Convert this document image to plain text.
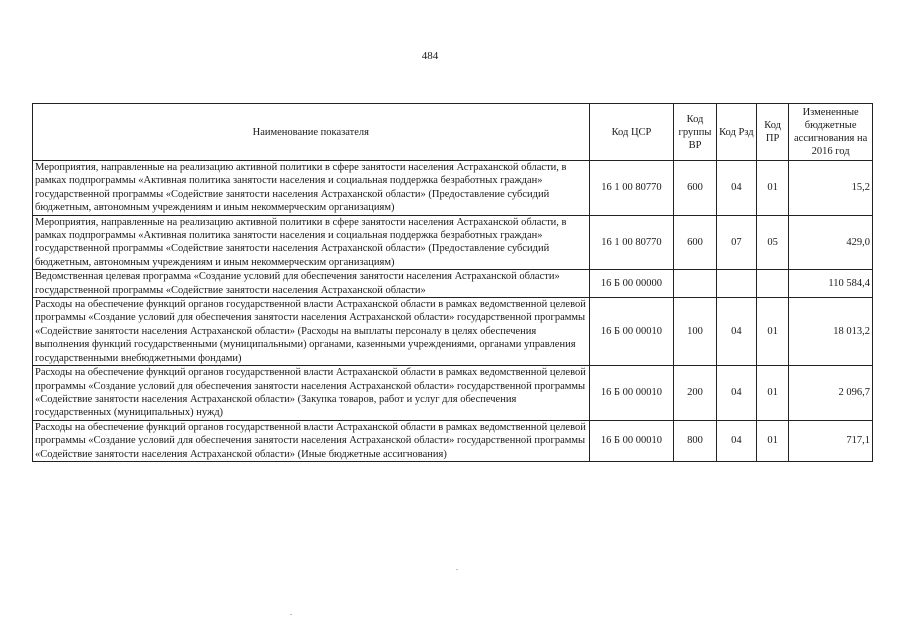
484
Наименование показателя	Код ЦСР	Код группы ВР	Код Рзд	Код ПР	Измененные бюджетные ассигнования на 2016 год
Мероприятия, направленные на реализацию активной политики в сфере занятости населения Астраханской области, в рамках подпрограммы «Активная политика занятости населения и социальная поддержка безработных граждан» государственной программы «Содействие занятости населения Астраханской области» (Предоставление субсидий бюджетным, автономным учреждениям и иным некоммерческим организациям)	16 1 00 80770	600	04	01	15,2
Мероприятия, направленные на реализацию активной политики в сфере занятости населения Астраханской области, в рамках подпрограммы «Активная политика занятости населения и социальная поддержка безработных граждан» государственной программы «Содействие занятости населения Астраханской области» (Предоставление субсидий бюджетным, автономным учреждениям и иным некоммерческим организациям)	16 1 00 80770	600	07	05	429,0
Ведомственная целевая программа «Создание условий для обеспечения занятости населения Астраханской области» государственной программы «Содействие занятости населения Астраханской области»	16 Б 00 00000				110 584,4
Расходы на обеспечение функций органов государственной власти Астраханской области в рамках ведомственной целевой программы «Создание условий для обеспечения занятости населения Астраханской области» государственной программы «Содействие занятости населения Астраханской области» (Расходы на выплаты персоналу в целях обеспечения выполнения функций государственными (муниципальными) органами, казенными учреждениями, органами управления государственными внебюджетными фондами)	16 Б 00 00010	100	04	01	18 013,2
Расходы на обеспечение функций органов государственной власти Астраханской области в рамках ведомственной целевой программы «Создание условий для обеспечения занятости населения Астраханской области» государственной программы «Содействие занятости населения Астраханской области» (Закупка товаров, работ и услуг для обеспечения государственных (муниципальных) нужд)	16 Б 00 00010	200	04	01	2 096,7
Расходы на обеспечение функций органов государственной власти Астраханской области в рамках ведомственной целевой программы «Создание условий для обеспечения занятости населения Астраханской области» государственной программы «Содействие занятости населения Астраханской области» (Иные бюджетные ассигнования)	16 Б 00 00010	800	04	01	717,1
